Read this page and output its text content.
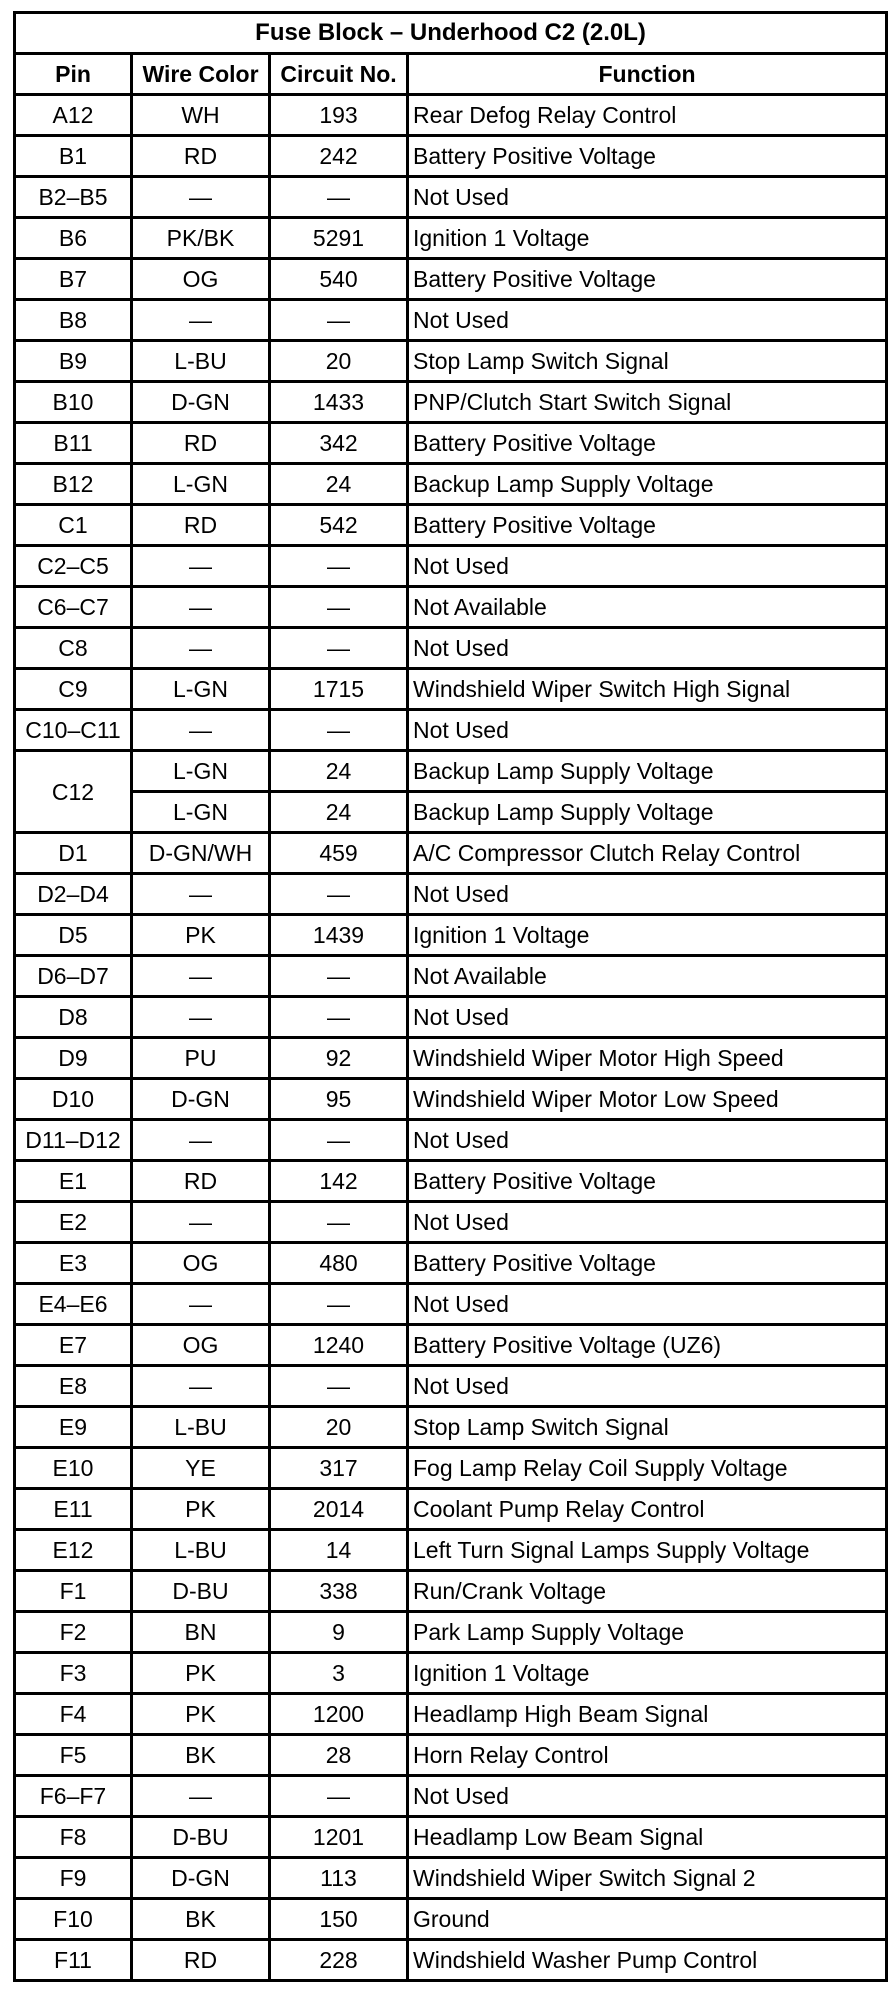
Fuse Block – Underhood C2 (2.0L)			
Pin	Wire Color	Circuit No.	Function
A12	WH	193	Rear Defog Relay Control
B1	RD	242	Battery Positive Voltage
B2–B5	—	—	Not Used
B6	PK/BK	5291	Ignition 1 Voltage
B7	OG	540	Battery Positive Voltage
B8	—	—	Not Used
B9	L-BU	20	Stop Lamp Switch Signal
B10	D-GN	1433	PNP/Clutch Start Switch Signal
B11	RD	342	Battery Positive Voltage
B12	L-GN	24	Backup Lamp Supply Voltage
C1	RD	542	Battery Positive Voltage
C2–C5	—	—	Not Used
C6–C7	—	—	Not Available
C8	—	—	Not Used
C9	L-GN	1715	Windshield Wiper Switch High Signal
C10–C11	—	—	Not Used
C12	L-GN	24	Backup Lamp Supply Voltage
	L-GN	24	Backup Lamp Supply Voltage
D1	D-GN/WH	459	A/C Compressor Clutch Relay Control
D2–D4	—	—	Not Used
D5	PK	1439	Ignition 1 Voltage
D6–D7	—	—	Not Available
D8	—	—	Not Used
D9	PU	92	Windshield Wiper Motor High Speed
D10	D-GN	95	Windshield Wiper Motor Low Speed
D11–D12	—	—	Not Used
E1	RD	142	Battery Positive Voltage
E2	—	—	Not Used
E3	OG	480	Battery Positive Voltage
E4–E6	—	—	Not Used
E7	OG	1240	Battery Positive Voltage (UZ6)
E8	—	—	Not Used
E9	L-BU	20	Stop Lamp Switch Signal
E10	YE	317	Fog Lamp Relay Coil Supply Voltage
E11	PK	2014	Coolant Pump Relay Control
E12	L-BU	14	Left Turn Signal Lamps Supply Voltage
F1	D-BU	338	Run/Crank Voltage
F2	BN	9	Park Lamp Supply Voltage
F3	PK	3	Ignition 1 Voltage
F4	PK	1200	Headlamp High Beam Signal
F5	BK	28	Horn Relay Control
F6–F7	—	—	Not Used
F8	D-BU	1201	Headlamp Low Beam Signal
F9	D-GN	113	Windshield Wiper Switch Signal 2
F10	BK	150	Ground
F11	RD	228	Windshield Washer Pump Control
